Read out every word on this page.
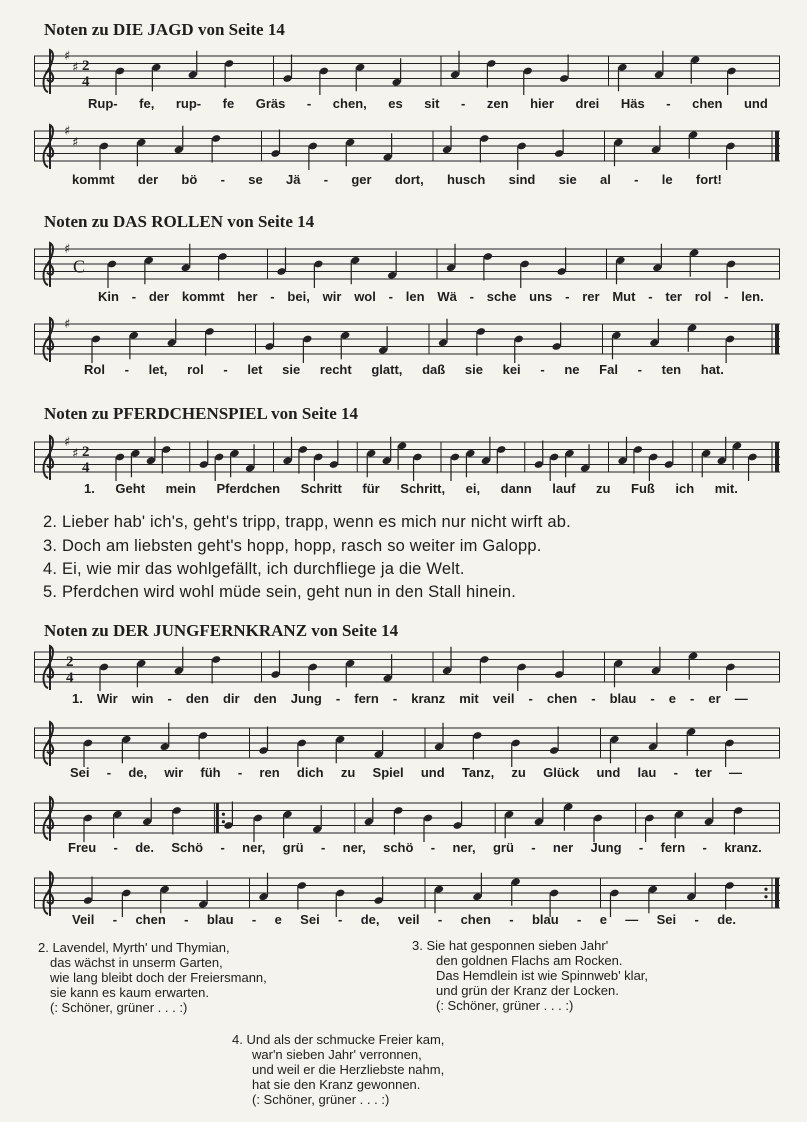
Noten zu DIE JAGD von Seite 14
♯
♯ 2
4
Rup- fe, rup- fe Gräs - chen, es sit - zen hier drei Häs - chen und
♯
♯
kommt der bö - se Jä - ger dort, husch sind sie al - le fort!
Noten zu DAS ROLLEN von Seite 14
♯
C
Kin - der kommt her - bei, wir wol - len Wä - sche uns - rer Mut - ter rol - len.
♯
Rol - let, rol - let sie recht glatt, daß sie kei - ne Fal - ten hat.
Noten zu PFERDCHENSPIEL von Seite 14
♯
♯ 2
4
1. Geht mein Pferdchen Schritt für Schritt, ei, dann lauf zu Fuß ich mit.
2. Lieber hab' ich's, geht's tripp, trapp, wenn es mich nur nicht wirft ab.
3. Doch am liebsten geht's hopp, hopp, rasch so weiter im Galopp.
4. Ei, wie mir das wohlgefällt, ich durchfliege ja die Welt.
5. Pferdchen wird wohl müde sein, geht nun in den Stall hinein.
Noten zu DER JUNGFERNKRANZ von Seite 14
2
4
1. Wir win - den dir den Jung - fern - kranz mit veil - chen - blau - e - er —
Sei - de, wir füh - ren dich zu Spiel und Tanz, zu Glück und lau - ter —
Freu - de. Schö - ner, grü - ner, schö - ner, grü - ner Jung - fern - kranz.
Veil - chen - blau - e Sei - de, veil - chen - blau - e — Sei - de.
2. Lavendel, Myrth' und Thymian,
das wächst in unserm Garten,
wie lang bleibt doch der Freiersmann,
sie kann es kaum erwarten.
(: Schöner, grüner . . . :)
3. Sie hat gesponnen sieben Jahr'
den goldnen Flachs am Rocken.
Das Hemdlein ist wie Spinnweb' klar,
und grün der Kranz der Locken.
(: Schöner, grüner . . . :)
4. Und als der schmucke Freier kam,
war'n sieben Jahr' verronnen,
und weil er die Herzliebste nahm,
hat sie den Kranz gewonnen.
(: Schöner, grüner . . . :)
